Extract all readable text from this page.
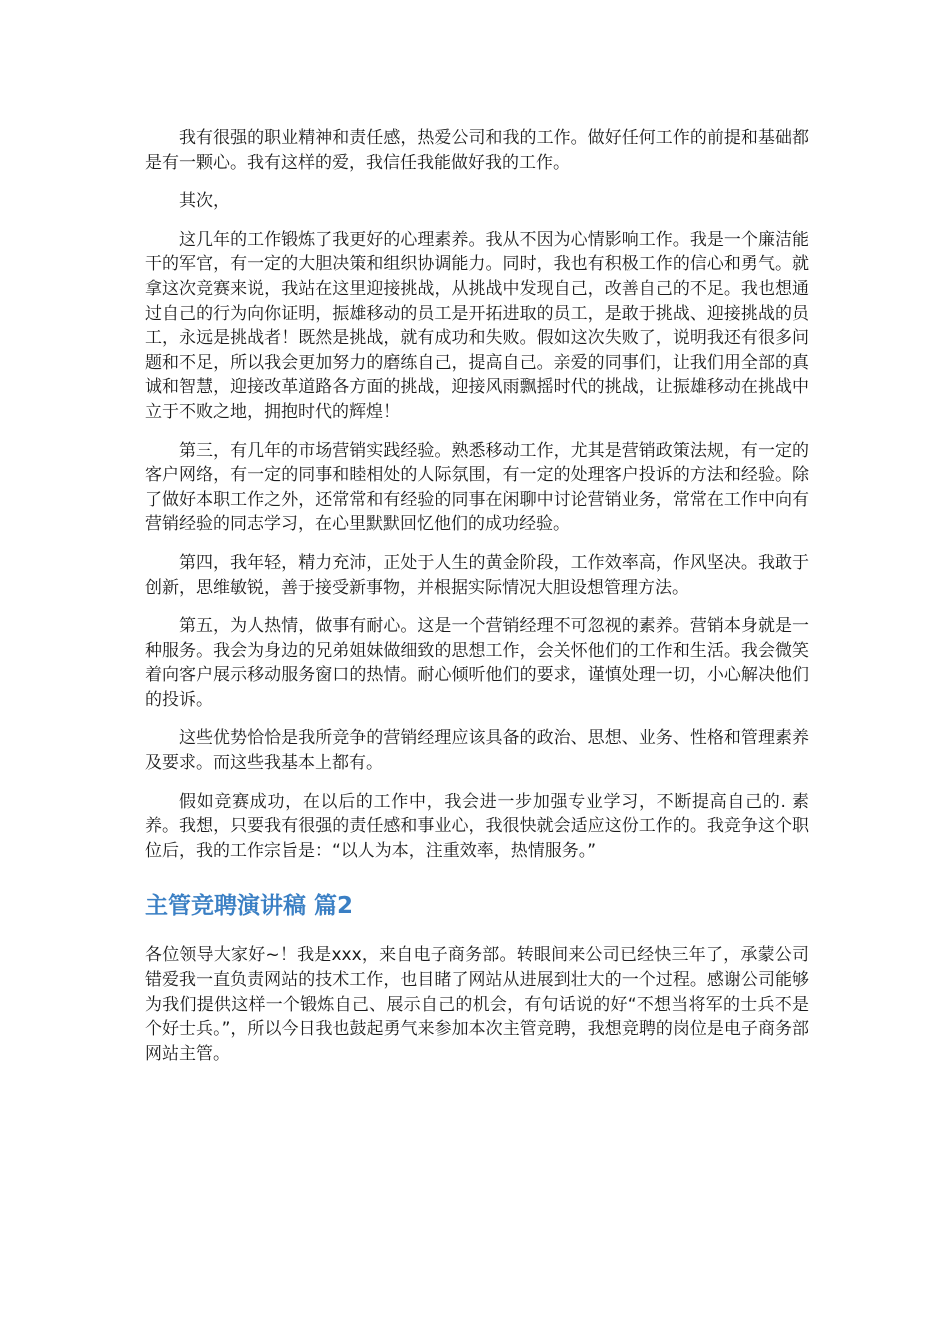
我有很强的职业精神和责任感，热爱公司和我的工作。做好任何工作的前提和基础都是有一颗心。我有这样的爱，我信任我能做好我的工作。

其次，

这几年的工作锻炼了我更好的心理素养。我从不因为心情影响工作。我是一个廉洁能干的军官，有一定的大胆决策和组织协调能力。同时，我也有积极工作的信心和勇气。就拿这次竞赛来说，我站在这里迎接挑战，从挑战中发现自己，改善自己的不足。我也想通过自己的行为向你证明，振雄移动的员工是开拓进取的员工，是敢于挑战、迎接挑战的员工，永远是挑战者！既然是挑战，就有成功和失败。假如这次失败了，说明我还有很多问题和不足，所以我会更加努力的磨练自己，提高自己。亲爱的同事们，让我们用全部的真诚和智慧，迎接改革道路各方面的挑战，迎接风雨飘摇时代的挑战，让振雄移动在挑战中立于不败之地，拥抱时代的辉煌！

第三，有几年的市场营销实践经验。熟悉移动工作，尤其是营销政策法规，有一定的客户网络，有一定的同事和睦相处的人际氛围，有一定的处理客户投诉的方法和经验。除了做好本职工作之外，还常常和有经验的同事在闲聊中讨论营销业务，常常在工作中向有营销经验的同志学习，在心里默默回忆他们的成功经验。

第四，我年轻，精力充沛，正处于人生的黄金阶段，工作效率高，作风坚决。我敢于创新，思维敏锐，善于接受新事物，并根据实际情况大胆设想管理方法。

第五，为人热情，做事有耐心。这是一个营销经理不可忽视的素养。营销本身就是一种服务。我会为身边的兄弟姐妹做细致的思想工作，会关怀他们的工作和生活。我会微笑着向客户展示移动服务窗口的热情。耐心倾听他们的要求，谨慎处理一切，小心解决他们的投诉。

这些优势恰恰是我所竞争的营销经理应该具备的政治、思想、业务、性格和管理素养及要求。而这些我基本上都有。

假如竞赛成功，在以后的工作中，我会进一步加强专业学习，不断提高自己的. 素养。我想，只要我有很强的责任感和事业心，我很快就会适应这份工作的。我竞争这个职位后，我的工作宗旨是：“以人为本，注重效率，热情服务。”

主管竞聘演讲稿 篇2

各位领导大家好~！我是xxx，来自电子商务部。转眼间来公司已经快三年了，承蒙公司错爱我一直负责网站的技术工作，也目睹了网站从进展到壮大的一个过程。感谢公司能够为我们提供这样一个锻炼自己、展示自己的机会，有句话说的好“不想当将军的士兵不是个好士兵。”，所以今日我也鼓起勇气来参加本次主管竞聘，我想竞聘的岗位是电子商务部网站主管。
